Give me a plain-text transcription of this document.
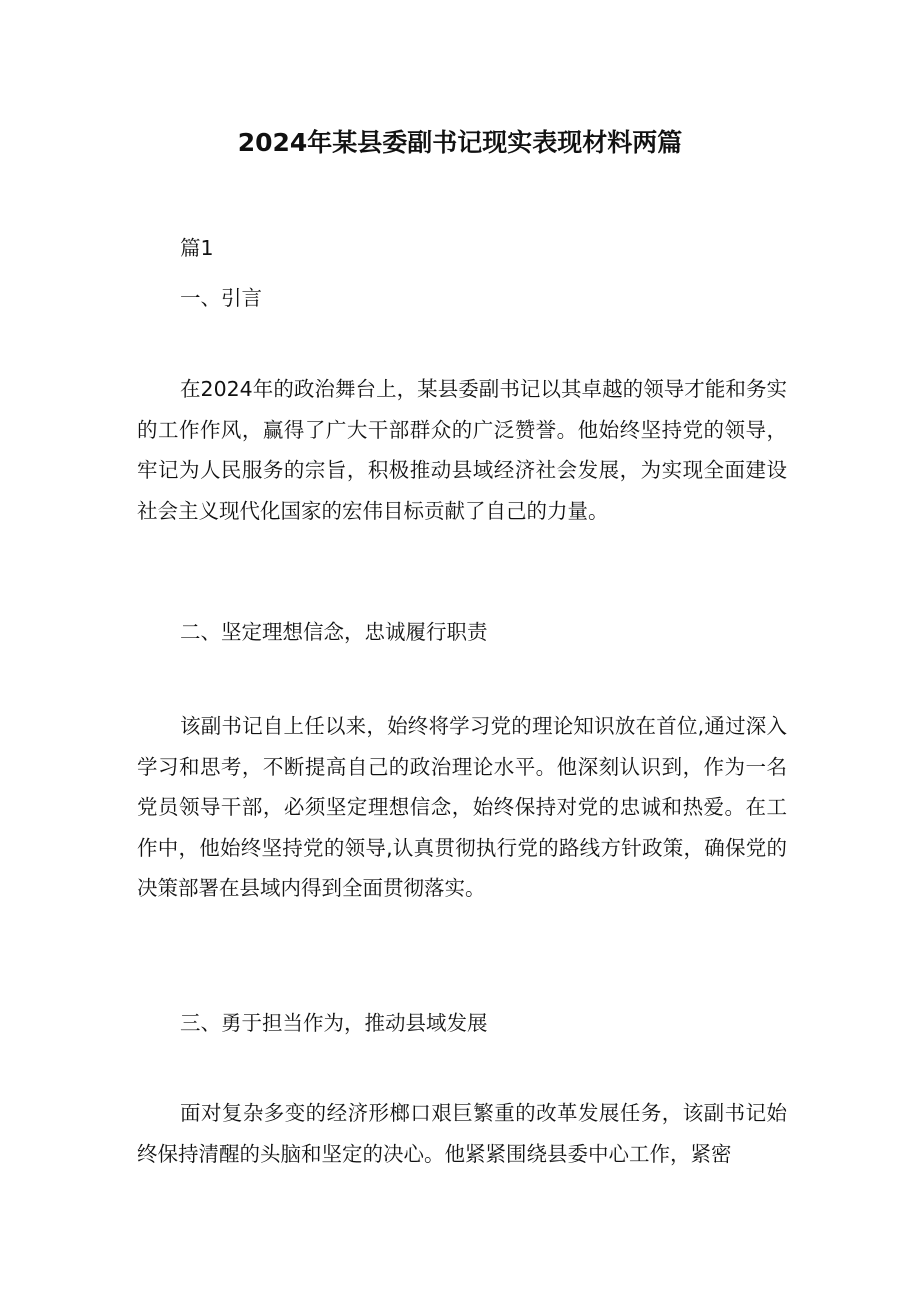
2024年某县委副书记现实表现材料两篇
篇1
一、引言
在2024年的政治舞台上，某县委副书记以其卓越的领导才能和务实的工作作风，赢得了广大干部群众的广泛赞誉。他始终坚持党的领导，牢记为人民服务的宗旨，积极推动县域经济社会发展，为实现全面建设社会主义现代化国家的宏伟目标贡献了自己的力量。
二、坚定理想信念，忠诚履行职责
该副书记自上任以来，始终将学习党的理论知识放在首位,通过深入学习和思考，不断提高自己的政治理论水平。他深刻认识到，作为一名党员领导干部，必须坚定理想信念，始终保持对党的忠诚和热爱。在工作中，他始终坚持党的领导,认真贯彻执行党的路线方针政策，确保党的决策部署在县域内得到全面贯彻落实。
三、勇于担当作为，推动县域发展
面对复杂多变的经济形榔口艰巨繁重的改革发展任务，该副书记始终保持清醒的头脑和坚定的决心。他紧紧围绕县委中心工作，紧密
